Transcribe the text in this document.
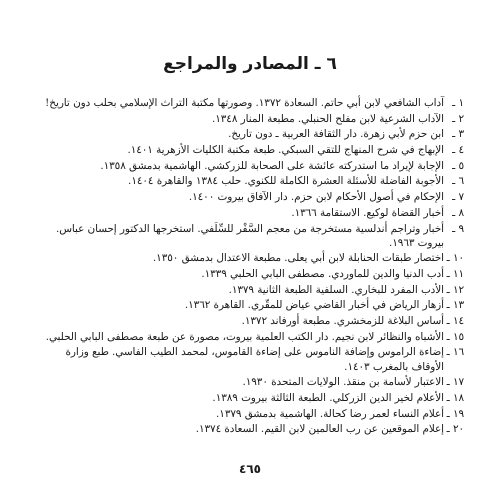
٦ ـ المصادر والمراجع
١ ـ
آداب الشافعي لابن أبي حاتم. السعادة ١٣٧٢. وصورتها مكتبة التراث الإسلامي بحلب دون تاريخ!
٢ ـ
الآداب الشرعية لابن مفلح الحنبلي. مطبعة المنار ١٣٤٨.
٣ ـ
ابن حزم لأبي زهرة. دار الثقافة العربية ـ دون تاريخ.
٤ ـ
الإبهاج في شرح المنهاج للتقي السبكي. طبعة مكتبة الكليات الأزهرية ١٤٠١.
٥ ـ
الإجابة لإيراد ما استدركته عائشة على الصحابة للزركشي. الهاشمية بدمشق ١٣٥٨.
٦ ـ
الأجوبة الفاضلة للأسئلة العشرة الكاملة للكنوي. حلب ١٣٨٤ والقاهرة ١٤٠٤.
٧ ـ
الإحكام في أصول الأحكام لابن حزم. دار الآفاق بيروت ١٤٠٠.
٨ ـ
أخبار القضاة لوكيع. الاستقامة ١٣٦٦.
٩ ـ
أخبار وتراجم أندلسية مستخرجة من معجم السَّفْر للسِّلَفي. استخرجها الدكتور إحسان عباس. بيروت ١٩٦٣.
١٠ ـ
اختصار طبقات الحنابلة لابن أبي يعلى. مطبعة الاعتدال بدمشق ١٣٥٠.
١١ ـ
أدب الدنيا والدين للماوردي. مصطفى البابي الحلبي ١٣٣٩.
١٢ ـ
الأدب المفرد للبخاري. السلفية الطبعة الثانية ١٣٧٩.
١٣ ـ
أزهار الرياض في أخبار القاضي عياض للمقّري. القاهرة ١٣٦٢.
١٤ ـ
أساس البلاغة للزمخشري. مطبعة أورفاند ١٣٧٢.
١٥ ـ
الأشباه والنظائر لابن نجيم. دار الكتب العلمية بيروت، مصورة عن طبعة مصطفى البابي الحلبي.
١٦ ـ
إضاءة الراموس وإضافة الناموس على إضاءة القاموس، لمحمد الطيب الفاسي. طبع وزارة الأوقاف بالمغرب ١٤٠٣.
١٧ ـ
الاعتبار لأسامة بن منقذ. الولايات المتحدة ١٩٣٠.
١٨ ـ
الأعلام لخير الدين الزركلي. الطبعة الثالثة بيروت ١٣٨٩.
١٩ ـ
أعلام النساء لعمر رضا كحالة. الهاشمية بدمشق ١٣٧٩.
٢٠ ـ
إعلام الموقعين عن رب العالمين لابن القيم. السعادة ١٣٧٤.
٤٦٥
